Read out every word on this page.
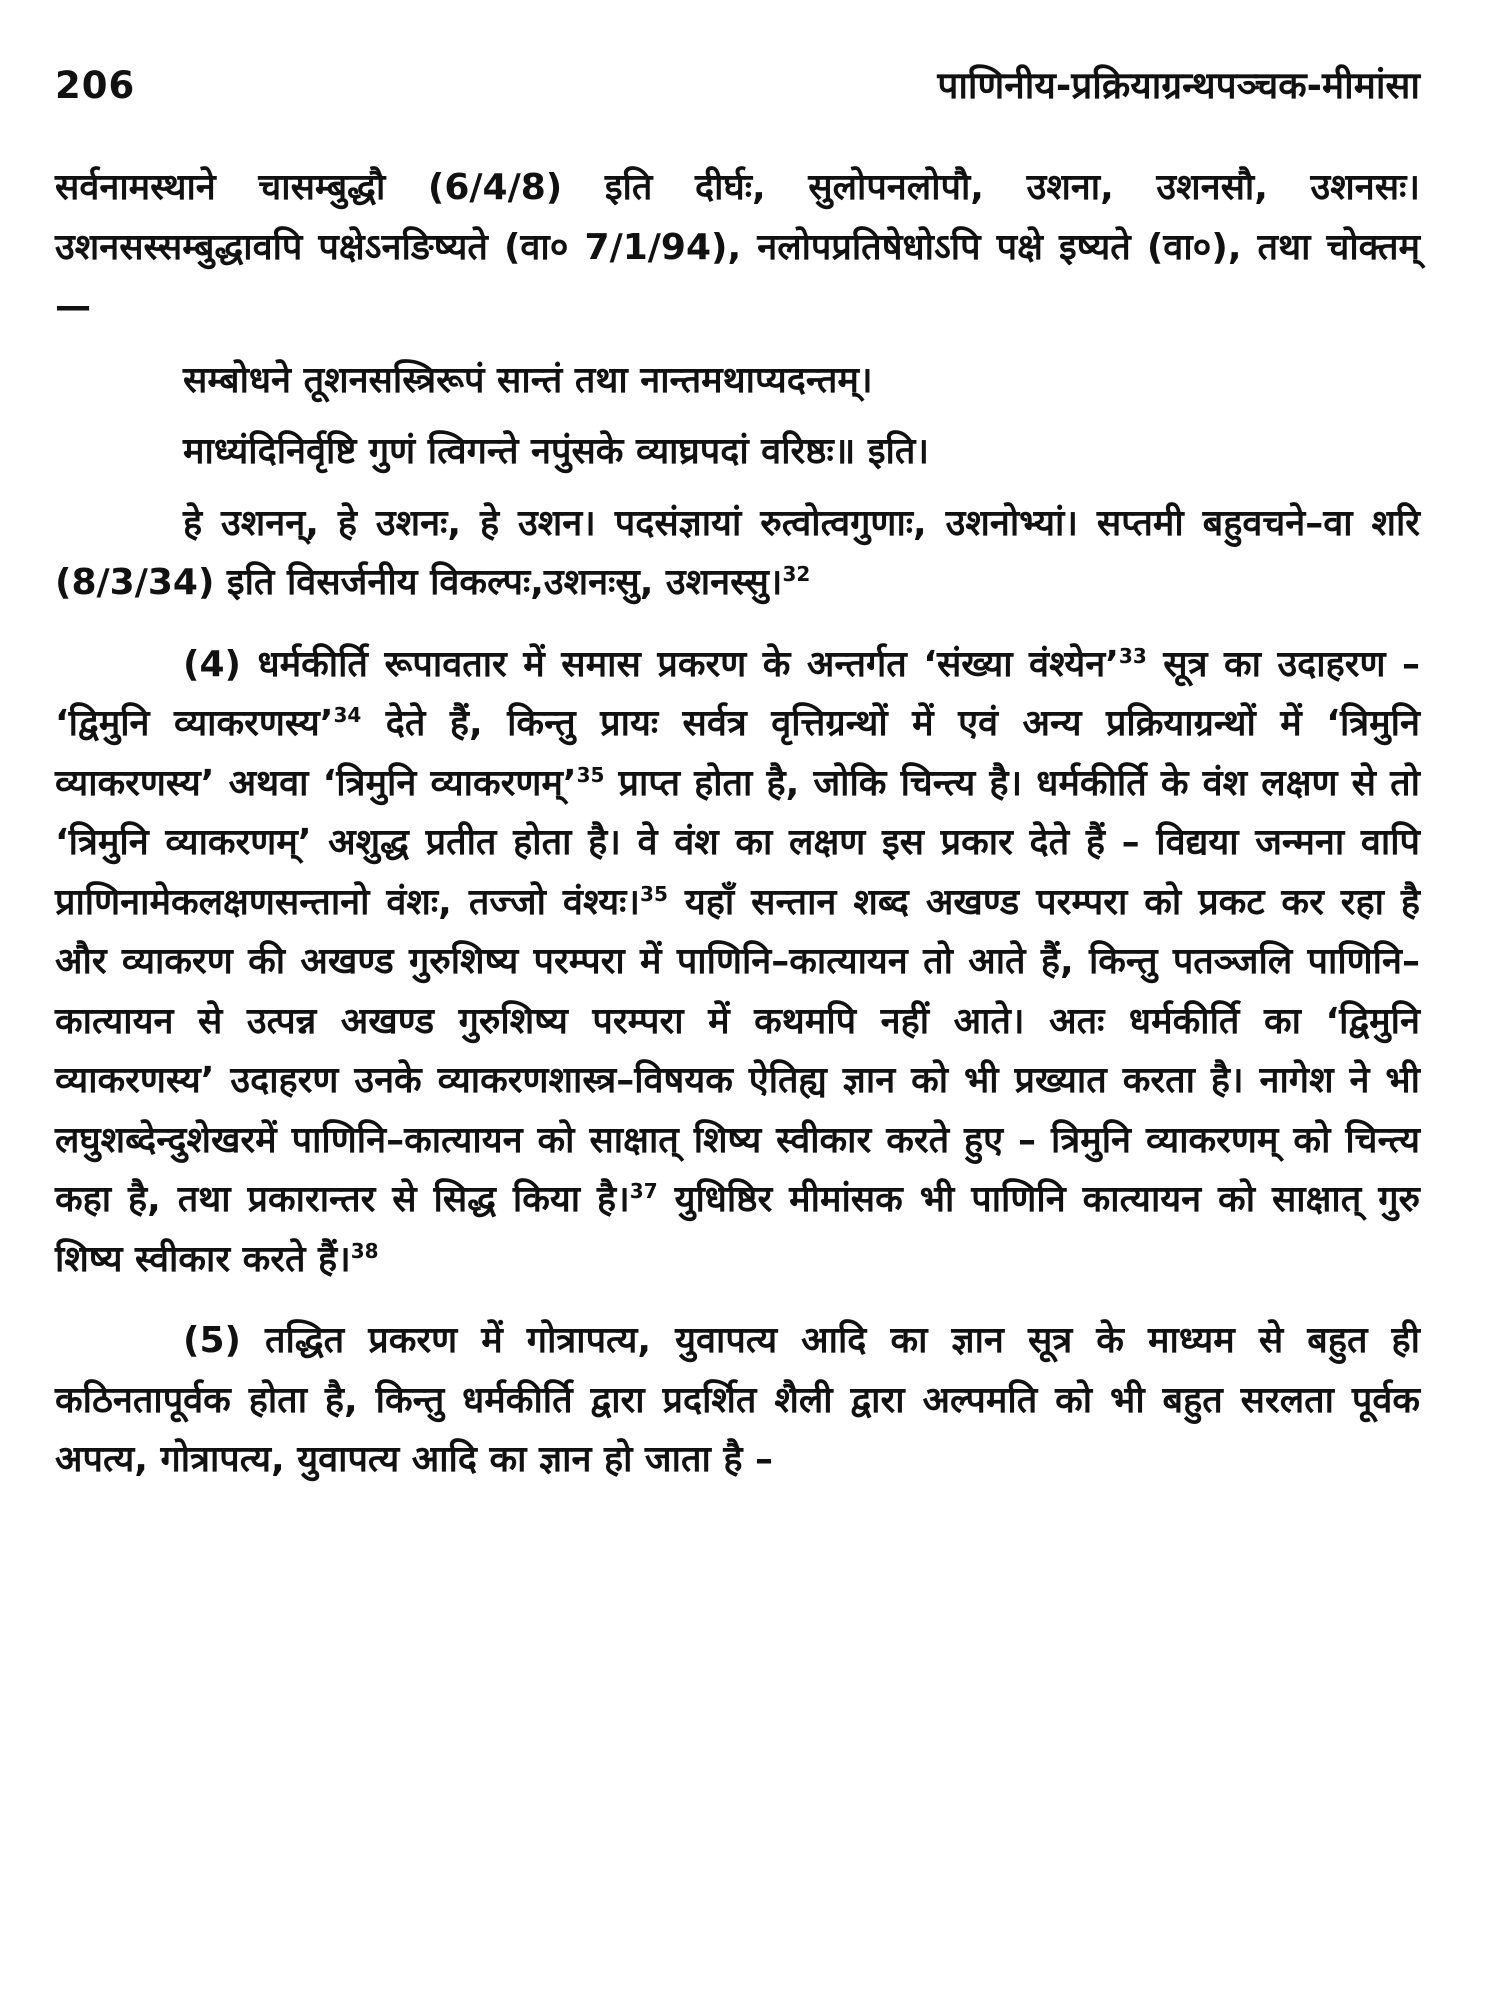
206	पाणिनीय-प्रक्रियाग्रन्थपञ्चक-मीमांसा

सर्वनामस्थाने चासम्बुद्धौ (6/4/8) इति दीर्घः, सुलोपनलोपौ, उशना, उशनसौ, उशनसः। उशनसस्सम्बुद्धावपि पक्षेऽनङिष्यते (वा० 7/1/94), नलोपप्रतिषेधोऽपि पक्षे इष्यते (वा०), तथा चोक्तम्—

सम्बोधने तूशनसस्त्रिरूपं सान्तं तथा नान्तमथाप्यदन्तम्।
माध्यंदिनिर्वृष्टि गुणं त्विगन्ते नपुंसके व्याघ्रपदां वरिष्ठः॥ इति।

हे उशनन्, हे उशनः, हे उशन। पदसंज्ञायां रुत्वोत्वगुणाः, उशनोभ्यां। सप्तमी बहुवचने–वा शरि (8/3/34) इति विसर्जनीय विकल्पः,उशनःसु, उशनस्सु।$^{32}$

(4) धर्मकीर्ति रूपावतार में समास प्रकरण के अन्तर्गत ‘संख्या वंश्येन’$^{33}$ सूत्र का उदाहरण – ‘द्विमुनि व्याकरणस्य’$^{34}$ देते हैं, किन्तु प्रायः सर्वत्र वृत्तिग्रन्थों में एवं अन्य प्रक्रियाग्रन्थों में ‘त्रिमुनि व्याकरणस्य’ अथवा ‘त्रिमुनि व्याकरणम्’$^{35}$ प्राप्त होता है, जोकि चिन्त्य है। धर्मकीर्ति के वंश लक्षण से तो ‘त्रिमुनि व्याकरणम्’ अशुद्ध प्रतीत होता है। वे वंश का लक्षण इस प्रकार देते हैं – विद्यया जन्मना वापि प्राणिनामेकलक्षणसन्तानो वंशः, तज्जो वंश्यः।$^{35}$ यहाँ सन्तान शब्द अखण्ड परम्परा को प्रकट कर रहा है और व्याकरण की अखण्ड गुरुशिष्य परम्परा में पाणिनि–कात्यायन तो आते हैं, किन्तु पतञ्जलि पाणिनि–कात्यायन से उत्पन्न अखण्ड गुरुशिष्य परम्परा में कथमपि नहीं आते। अतः धर्मकीर्ति का ‘द्विमुनि व्याकरणस्य’ उदाहरण उनके व्याकरणशास्त्र–विषयक ऐतिह्य ज्ञान को भी प्रख्यात करता है। नागेश ने भी लघुशब्देन्दुशेखरमें पाणिनि–कात्यायन को साक्षात् शिष्य स्वीकार करते हुए – त्रिमुनि व्याकरणम् को चिन्त्य कहा है, तथा प्रकारान्तर से सिद्ध किया है।$^{37}$ युधिष्ठिर मीमांसक भी पाणिनि कात्यायन को साक्षात् गुरु शिष्य स्वीकार करते हैं।$^{38}$

(5) तद्धित प्रकरण में गोत्रापत्य, युवापत्य आदि का ज्ञान सूत्र के माध्यम से बहुत ही कठिनतापूर्वक होता है, किन्तु धर्मकीर्ति द्वारा प्रदर्शित शैली द्वारा अल्पमति को भी बहुत सरलता पूर्वक अपत्य, गोत्रापत्य, युवापत्य आदि का ज्ञान हो जाता है –
